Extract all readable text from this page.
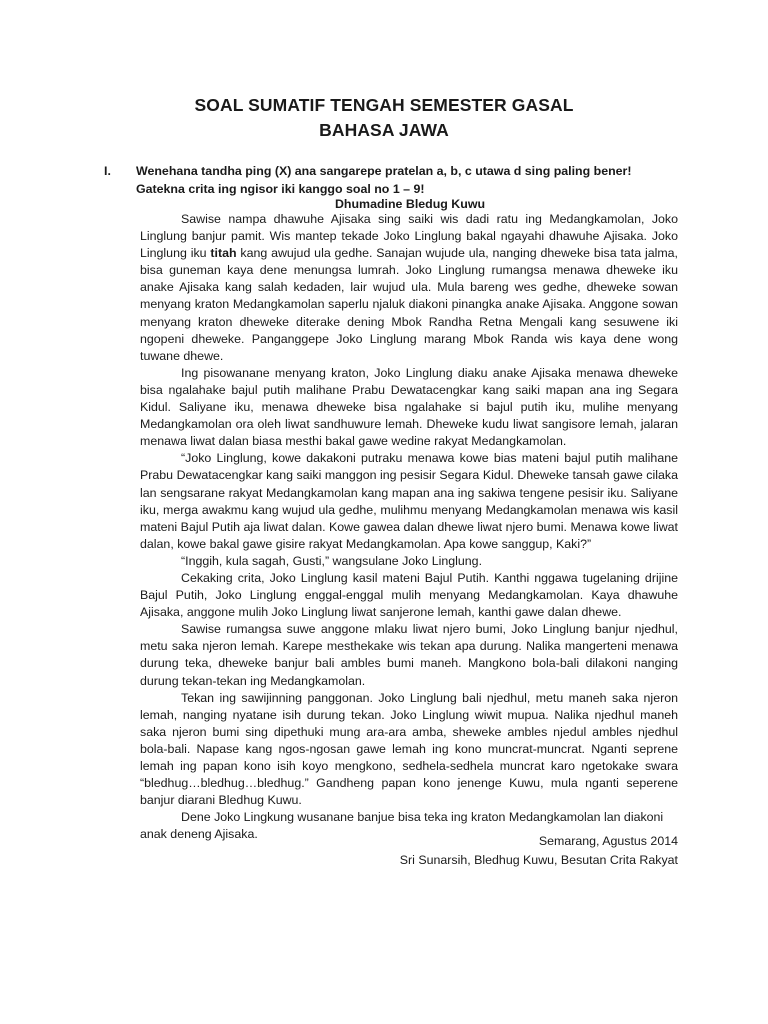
SOAL SUMATIF TENGAH SEMESTER GASAL
BAHASA JAWA
I. Wenehana tandha ping (X) ana sangarepe pratelan a, b, c utawa d sing paling bener!
Gatekna crita ing ngisor iki kanggo soal no 1 – 9!
Dhumadine Bledug Kuwu

Sawise nampa dhawuhe Ajisaka sing saiki wis dadi ratu ing Medangkamolan, Joko Linglung banjur pamit. Wis mantep tekade Joko Linglung bakal ngayahi dhawuhe Ajisaka. Joko Linglung iku titah kang awujud ula gedhe. Sanajan wujude ula, nanging dheweke bisa tata jalma, bisa guneman kaya dene menungsa lumrah. Joko Linglung rumangsa menawa dheweke iku anake Ajisaka kang salah kedaden, lair wujud ula. Mula bareng wes gedhe, dheweke sowan menyang kraton Medangkamolan saperlu njaluk diakoni pinangka anake Ajisaka. Anggone sowan menyang kraton dheweke diterake dening Mbok Randha Retna Mengali kang sesuwene iki ngopeni dheweke. Panganggepe Joko Linglung marang Mbok Randa wis kaya dene wong tuwane dhewe.

Ing pisowanane menyang kraton, Joko Linglung diaku anake Ajisaka menawa dheweke bisa ngalahake bajul putih malihane Prabu Dewatacengkar kang saiki mapan ana ing Segara Kidul. Saliyane iku, menawa dheweke bisa ngalahake si bajul putih iku, mulihe menyang Medangkamolan ora oleh liwat sandhuwure lemah. Dheweke kudu liwat sangisore lemah, jalaran menawa liwat dalan biasa mesthi bakal gawe wedine rakyat Medangkamolan.

“Joko Linglung, kowe dakakoni putraku menawa kowe bias mateni bajul putih malihane Prabu Dewatacengkar kang saiki manggon ing pesisir Segara Kidul. Dheweke tansah gawe cilaka lan sengsarane rakyat Medangkamolan kang mapan ana ing sakiwa tengene pesisir iku. Saliyane iku, merga awakmu kang wujud ula gedhe, mulihmu menyang Medangkamolan menawa wis kasil mateni Bajul Putih aja liwat dalan. Kowe gawea dalan dhewe liwat njero bumi. Menawa kowe liwat dalan, kowe bakal gawe gisire rakyat Medangkamolan. Apa kowe sanggup, Kaki?”

“Inggih, kula sagah, Gusti,” wangsulane Joko Linglung.

Cekaking crita, Joko Linglung kasil mateni Bajul Putih. Kanthi nggawa tugelaning drijine Bajul Putih, Joko Linglung enggal-enggal mulih menyang Medangkamolan. Kaya dhawuhe Ajisaka, anggone mulih Joko Linglung liwat sanjerone lemah, kanthi gawe dalan dhewe.

Sawise rumangsa suwe anggone mlaku liwat njero bumi, Joko Linglung banjur njedhul, metu saka njeron lemah. Karepe mesthekake wis tekan apa durung. Nalika mangerteni menawa durung teka, dheweke banjur bali ambles bumi maneh. Mangkono bola-bali dilakoni nanging durung tekan-tekan ing Medangkamolan.

Tekan ing sawijinning panggonan. Joko Linglung bali njedhul, metu maneh saka njeron lemah, nanging nyatane isih durung tekan. Joko Linglung wiwit mupua. Nalika njedhul maneh saka njeron bumi sing dipethuki mung ara-ara amba, sheweke ambles njedul ambles njedhul bola-bali. Napase kang ngos-ngosan gawe lemah ing kono muncrat-muncrat. Nganti seprene lemah ing papan kono isih koyo mengkono, sedhela-sedhela muncrat karo ngetokake swara “bledhug…bledhug…bledhug.” Gandheng papan kono jenenge Kuwu, mula nganti seperene banjur diarani Bledhug Kuwu.

Dene Joko Lingkung wusanane banjue bisa teka ing kraton Medangkamolan lan diakoni anak deneng Ajisaka.	Semarang, Agustus 2014
Sri Sunarsih, Bledhug Kuwu, Besutan Crita Rakyat
